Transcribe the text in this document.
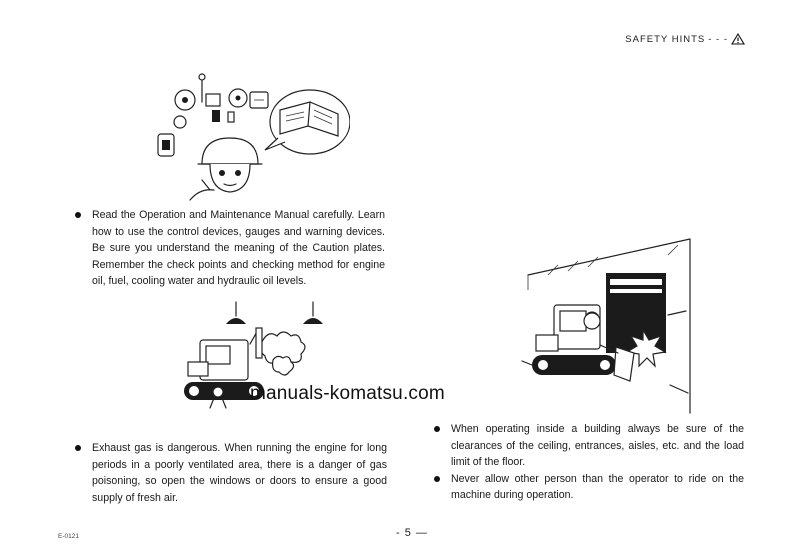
SAFETY HINTS - - -
Read the Operation and Maintenance Manual carefully. Learn how to use the control devices, gauges and warning devices. Be sure you understand the meaning of the Caution plates. Remember the check points and checking method for engine oil, fuel, cooling water and hydraulic oil levels.
manuals-komatsu.com
Exhaust gas is dangerous. When running the engine for long periods in a poorly ventilated area, there is a danger of gas poisoning, so open the windows or doors to ensure a good supply of fresh air.
When operating inside a building always be sure of the clearances of the ceiling, entrances, aisles, etc. and the load limit of the floor.
Never allow other person than the operator to ride on the machine during operation.
- 5 —
E-0121
